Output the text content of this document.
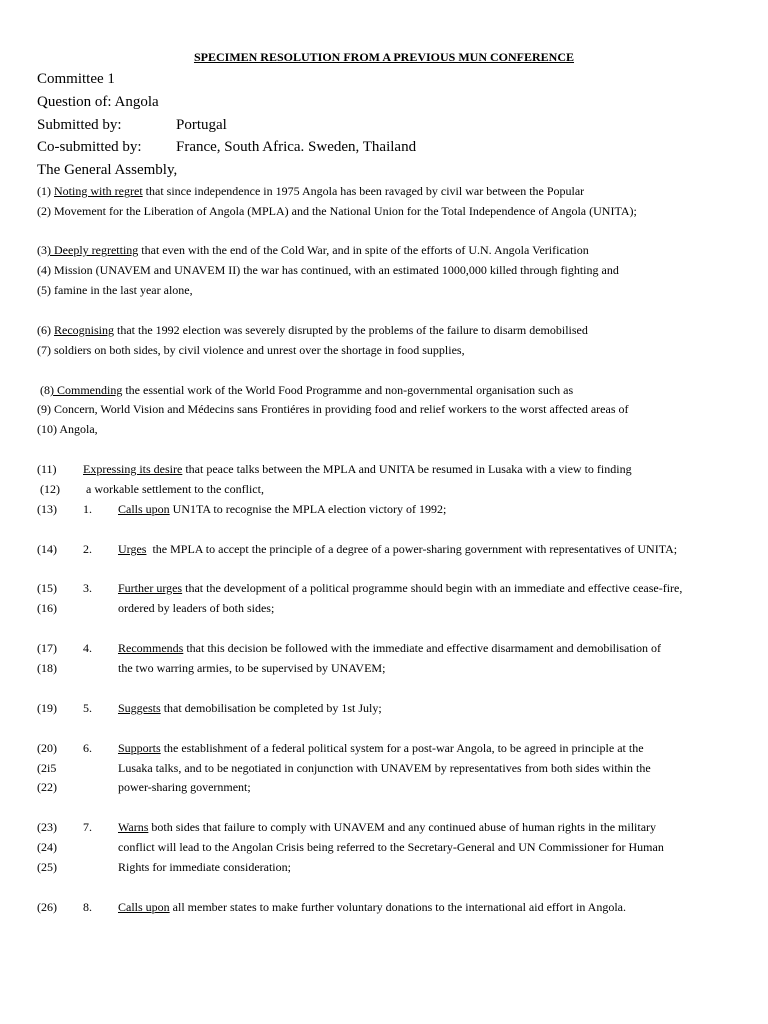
SPECIMEN RESOLUTION FROM A PREVIOUS MUN CONFERENCE
Committee 1
Question of: Angola
Submitted by:	Portugal
Co-submitted by: France, South Africa. Sweden, Thailand
The General Assembly,
(1) Noting with regret that since independence in 1975 Angola has been ravaged by civil war between the Popular
(2) Movement for the Liberation of Angola (MPLA) and the National Union for the Total Independence of Angola (UNITA);
(3) Deeply regretting that even with the end of the Cold War, and in spite of the efforts of U.N. Angola Verification
(4) Mission (UNAVEM and UNAVEM II) the war has continued, with an estimated 1000,000 killed through fighting and
(5) famine in the last year alone,
(6) Recognising that the 1992 election was severely disrupted by the problems of the failure to disarm demobilised
(7) soldiers on both sides, by civil violence and unrest over the shortage in food supplies,
(8) Commending the essential work of the World Food Programme and non-governmental organisation such as
(9) Concern, World Vision and Médecins sans Frontiéres in providing food and relief workers to the worst affected areas of
(10) Angola,
(11) Expressing its desire that peace talks between the MPLA and UNITA be resumed in Lusaka with a view to finding
(12) a workable settlement to the conflict,
(13) 1. Calls upon UN1TA to recognise the MPLA election victory of 1992;
(14) 2. Urges  the MPLA to accept the principle of a degree of a power-sharing government with representatives of UNITA;
(15) 3. Further urges that the development of a political programme should begin with an immediate and effective cease-fire,
(16)	ordered by leaders of both sides;
(17) 4. Recommends that this decision be followed with the immediate and effective disarmament and demobilisation of
(18)	the two warring armies, to be supervised by UNAVEM;
(19) 5. Suggests that demobilisation be completed by 1st July;
(20) 6. Supports the establishment of a federal political system for a post-war Angola, to be agreed in principle at the
(2i5	Lusaka talks, and to be negotiated in conjunction with UNAVEM by representatives from both sides within the
(22)	power-sharing government;
(23) 7. Warns both sides that failure to comply with UNAVEM and any continued abuse of human rights in the military
(24)	conflict will lead to the Angolan Crisis being referred to the Secretary-General and UN Commissioner for Human
(25)	Rights for immediate consideration;
(26) 8. Calls upon all member states to make further voluntary donations to the international aid effort in Angola.
